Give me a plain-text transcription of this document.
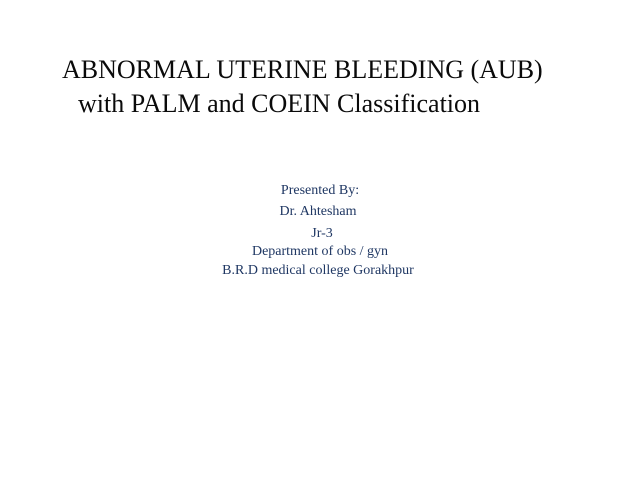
ABNORMAL UTERINE BLEEDING (AUB)
with PALM and COEIN Classification
Presented By:
Dr. Ahtesham
Jr-3
Department of obs / gyn
B.R.D medical college Gorakhpur
